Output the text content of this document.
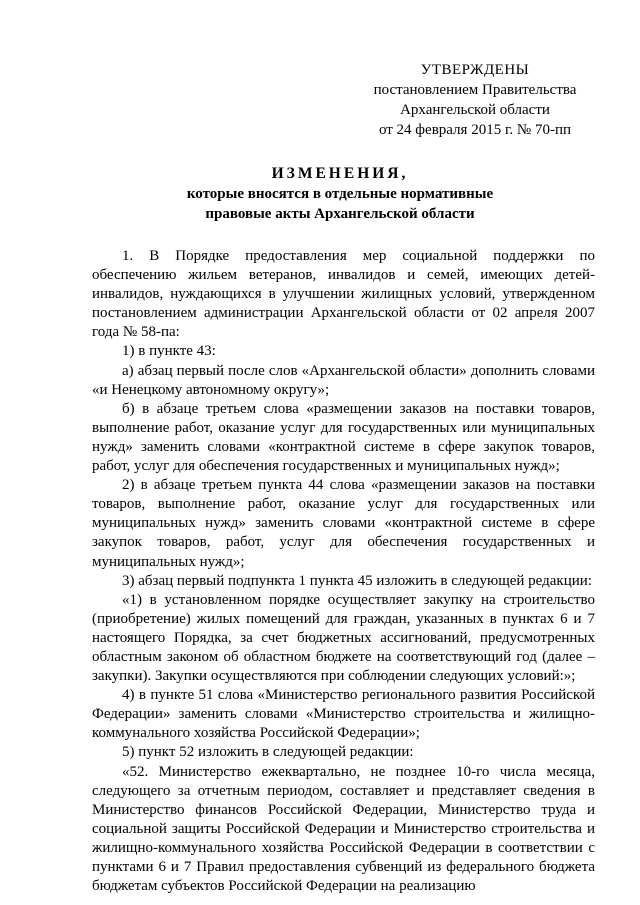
УТВЕРЖДЕНЫ
постановлением Правительства
Архангельской области
от 24 февраля 2015 г. № 70-пп
ИЗМЕНЕНИЯ,
которые вносятся в отдельные нормативные
правовые акты Архангельской области

1. В Порядке предоставления мер социальной поддержки по обеспечению жильем ветеранов, инвалидов и семей, имеющих детей-инвалидов, нуждающихся в улучшении жилищных условий, утвержденном постановлением администрации Архангельской области от 02 апреля 2007 года № 58-па:

1) в пункте 43:

а) абзац первый после слов «Архангельской области» дополнить словами «и Ненецкому автономному округу»;

б) в абзаце третьем слова «размещении заказов на поставки товаров, выполнение работ, оказание услуг для государственных или муниципальных нужд» заменить словами «контрактной системе в сфере закупок товаров, работ, услуг для обеспечения государственных и муниципальных нужд»;

2) в абзаце третьем пункта 44 слова «размещении заказов на поставки товаров, выполнение работ, оказание услуг для государственных или муниципальных нужд» заменить словами «контрактной системе в сфере закупок товаров, работ, услуг для обеспечения государственных и муниципальных нужд»;

3) абзац первый подпункта 1 пункта 45 изложить в следующей редакции:

«1) в установленном порядке осуществляет закупку на строительство (приобретение) жилых помещений для граждан, указанных в пунктах 6 и 7 настоящего Порядка, за счет бюджетных ассигнований, предусмотренных областным законом об областном бюджете на соответствующий год (далее – закупки). Закупки осуществляются при соблюдении следующих условий:»;

4) в пункте 51 слова «Министерство регионального развития Российской Федерации» заменить словами «Министерство строительства и жилищно-коммунального хозяйства Российской Федерации»;

5) пункт 52 изложить в следующей редакции:

«52. Министерство ежеквартально, не позднее 10-го числа месяца, следующего за отчетным периодом, составляет и представляет сведения в Министерство финансов Российской Федерации, Министерство труда и социальной защиты Российской Федерации и Министерство строительства и жилищно-коммунального хозяйства Российской Федерации в соответствии с пунктами 6 и 7 Правил предоставления субвенций из федерального бюджета бюджетам субъектов Российской Федерации на реализацию
